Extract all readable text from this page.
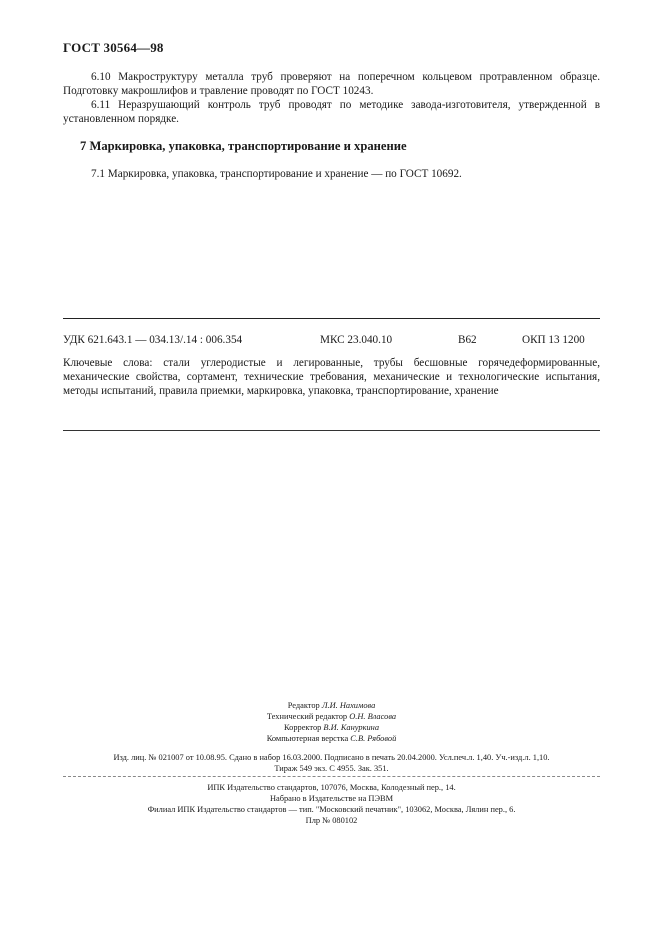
ГОСТ 30564—98
6.10 Макроструктуру металла труб проверяют на поперечном кольцевом протравленном образце. Подготовку макрошлифов и травление проводят по ГОСТ 10243.
6.11 Неразрушающий контроль труб проводят по методике завода-изготовителя, утвержденной в установленном порядке.
7 Маркировка, упаковка, транспортирование и хранение
7.1 Маркировка, упаковка, транспортирование и хранение — по ГОСТ 10692.
УДК 621.643.1 — 034.13/.14 : 006.354	МКС 23.040.10	В62	ОКП 13 1200
Ключевые слова: стали углеродистые и легированные, трубы бесшовные горячедеформированные, механические свойства, сортамент, технические требования, механические и технологические испытания, методы испытаний, правила приемки, маркировка, упаковка, транспортирование, хранение
Редактор Л.И. Нахимова
Технический редактор О.Н. Власова
Корректор В.И. Кануркина
Компьютерная верстка С.В. Рябовой
Изд. лиц. № 021007 от 10.08.95. Сдано в набор 16.03.2000. Подписано в печать 20.04.2000. Усл.печ.л. 1,40. Уч.-изд.л. 1,10.
Тираж 549 экз. С 4955. Зак. 351.
ИПК Издательство стандартов, 107076, Москва, Колодезный пер., 14.
Набрано в Издательстве на ПЭВМ
Филиал ИПК Издательство стандартов — тип. "Московский печатник", 103062, Москва, Лялин пер., 6.
Плр № 080102
